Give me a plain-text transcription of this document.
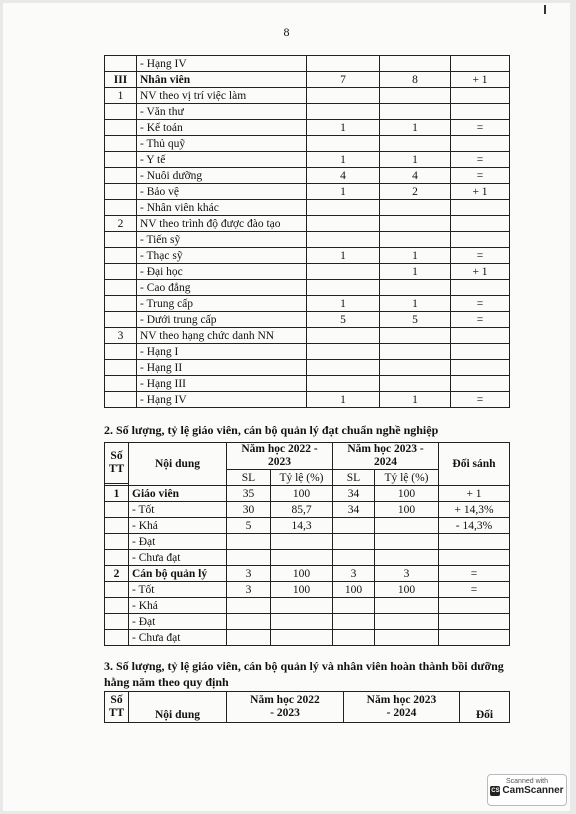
8
	- Hạng IV			
III	Nhân viên	7	8	+ 1
1	NV theo vị trí việc làm			
	- Văn thư			
	- Kế toán	1	1	=
	- Thủ quỹ			
	- Y tế	1	1	=
	- Nuôi dưỡng	4	4	=
	- Bảo vệ	1	2	+ 1
	- Nhân viên khác			
2	NV theo trình độ được đào tạo			
	- Tiến sỹ			
	- Thạc sỹ	1	1	=
	- Đại học		1	+ 1
	- Cao đẳng			
	- Trung cấp	1	1	=
	- Dưới trung cấp	5	5	=
3	NV theo hạng chức danh NN			
	- Hạng I			
	- Hạng II			
	- Hạng III			
	- Hạng IV	1	1	=
2. Số lượng, tỷ lệ giáo viên, cán bộ quản lý đạt chuẩn nghề nghiệp
Số TT	Nội dung	Năm học 2022 - 2023		Năm học 2023 - 2024		Đối sánh
		SL	Tỷ lệ (%)	SL	Tỷ lệ (%)	

1	Giáo viên	35	100	34	100	+ 1
	- Tốt	30	85,7	34	100	+ 14,3%
	- Khá	5	14,3			- 14,3%
	- Đạt					
	- Chưa đạt					
2	Cán bộ quản lý	3	100	3	3	=
	- Tốt	3	100	100	100	=
	- Khá					
	- Đạt					
	- Chưa đạt					
3. Số lượng, tỷ lệ giáo viên, cán bộ quản lý và nhân viên hoàn thành bồi dưỡng hằng năm theo quy định
Số TT	Nội dung	Năm học 2022 - 2023	Năm học 2023 - 2024	Đối
Scanned with
CS CamScanner
